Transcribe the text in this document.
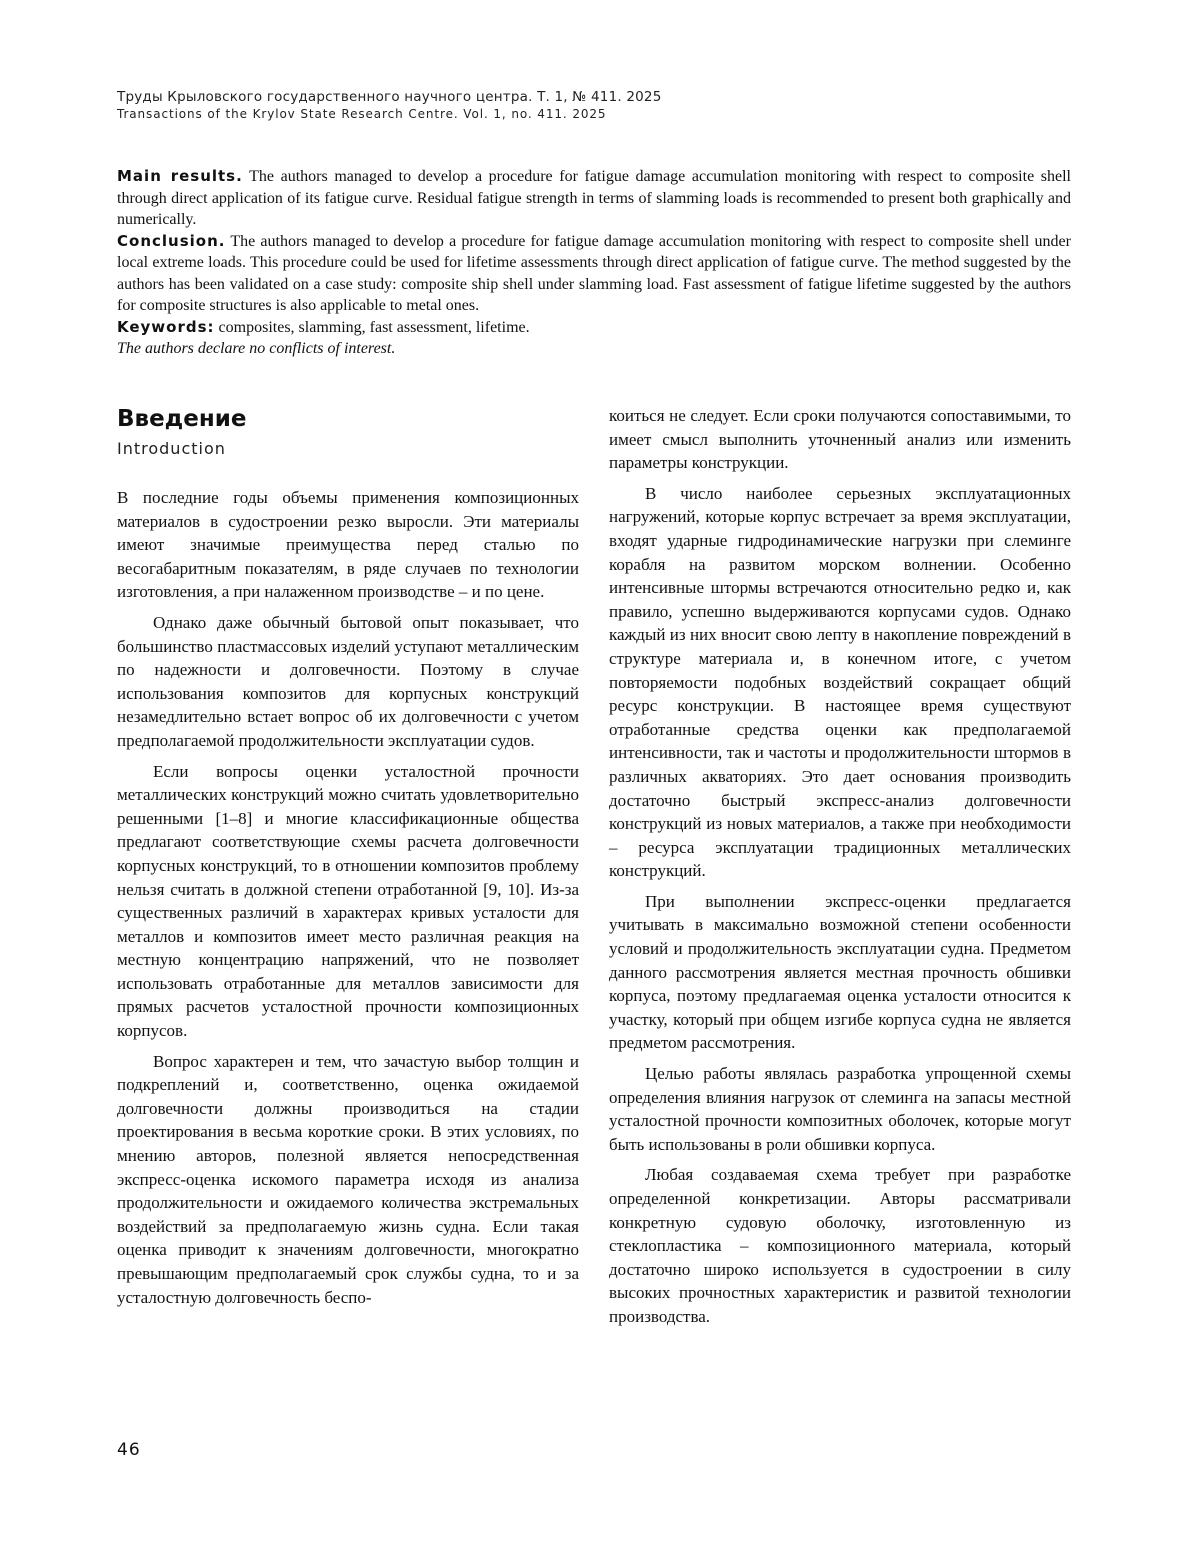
Труды Крыловского государственного научного центра. Т. 1, № 411. 2025
Transactions of the Krylov State Research Centre. Vol. 1, no. 411. 2025

Main results. The authors managed to develop a procedure for fatigue damage accumulation monitoring with respect to composite shell through direct application of its fatigue curve. Residual fatigue strength in terms of slamming loads is recommended to present both graphically and numerically.

Conclusion. The authors managed to develop a procedure for fatigue damage accumulation monitoring with respect to composite shell under local extreme loads. This procedure could be used for lifetime assessments through direct application of fatigue curve. The method suggested by the authors has been validated on a case study: composite ship shell under slamming load. Fast assessment of fatigue lifetime suggested by the authors for composite structures is also applicable to metal ones.

Keywords: composites, slamming, fast assessment, lifetime.

The authors declare no conflicts of interest.

Введение
Introduction

В последние годы объемы применения композиционных материалов в судостроении резко выросли. Эти материалы имеют значимые преимущества перед сталью по весогабаритным показателям, в ряде случаев по технологии изготовления, а при налаженном производстве – и по цене.

Однако даже обычный бытовой опыт показывает, что большинство пластмассовых изделий уступают металлическим по надежности и долговечности. Поэтому в случае использования композитов для корпусных конструкций незамедлительно встает вопрос об их долговечности с учетом предполагаемой продолжительности эксплуатации судов.

Если вопросы оценки усталостной прочности металлических конструкций можно считать удовлетворительно решенными [1–8] и многие классификационные общества предлагают соответствующие схемы расчета долговечности корпусных конструкций, то в отношении композитов проблему нельзя считать в должной степени отработанной [9, 10]. Из-за существенных различий в характерах кривых усталости для металлов и композитов имеет место различная реакция на местную концентрацию напряжений, что не позволяет использовать отработанные для металлов зависимости для прямых расчетов усталостной прочности композиционных корпусов.

Вопрос характерен и тем, что зачастую выбор толщин и подкреплений и, соответственно, оценка ожидаемой долговечности должны производиться на стадии проектирования в весьма короткие сроки. В этих условиях, по мнению авторов, полезной является непосредственная экспресс-оценка искомого параметра исходя из анализа продолжительности и ожидаемого количества экстремальных воздействий за предполагаемую жизнь судна. Если такая оценка приводит к значениям долговечности, многократно превышающим предполагаемый срок службы судна, то и за усталостную долговечность беспо-

коиться не следует. Если сроки получаются сопоставимыми, то имеет смысл выполнить уточненный анализ или изменить параметры конструкции.

В число наиболее серьезных эксплуатационных нагружений, которые корпус встречает за время эксплуатации, входят ударные гидродинамические нагрузки при слеминге корабля на развитом морском волнении. Особенно интенсивные штормы встречаются относительно редко и, как правило, успешно выдерживаются корпусами судов. Однако каждый из них вносит свою лепту в накопление повреждений в структуре материала и, в конечном итоге, с учетом повторяемости подобных воздействий сокращает общий ресурс конструкции. В настоящее время существуют отработанные средства оценки как предполагаемой интенсивности, так и частоты и продолжительности штормов в различных акваториях. Это дает основания производить достаточно быстрый экспресс-анализ долговечности конструкций из новых материалов, а также при необходимости – ресурса эксплуатации традиционных металлических конструкций.

При выполнении экспресс-оценки предлагается учитывать в максимально возможной степени особенности условий и продолжительность эксплуатации судна. Предметом данного рассмотрения является местная прочность обшивки корпуса, поэтому предлагаемая оценка усталости относится к участку, который при общем изгибе корпуса судна не является предметом рассмотрения.

Целью работы являлась разработка упрощенной схемы определения влияния нагрузок от слеминга на запасы местной усталостной прочности композитных оболочек, которые могут быть использованы в роли обшивки корпуса.

Любая создаваемая схема требует при разработке определенной конкретизации. Авторы рассматривали конкретную судовую оболочку, изготовленную из стеклопластика – композиционного материала, который достаточно широко используется в судостроении в силу высоких прочностных характеристик и развитой технологии производства.

46
